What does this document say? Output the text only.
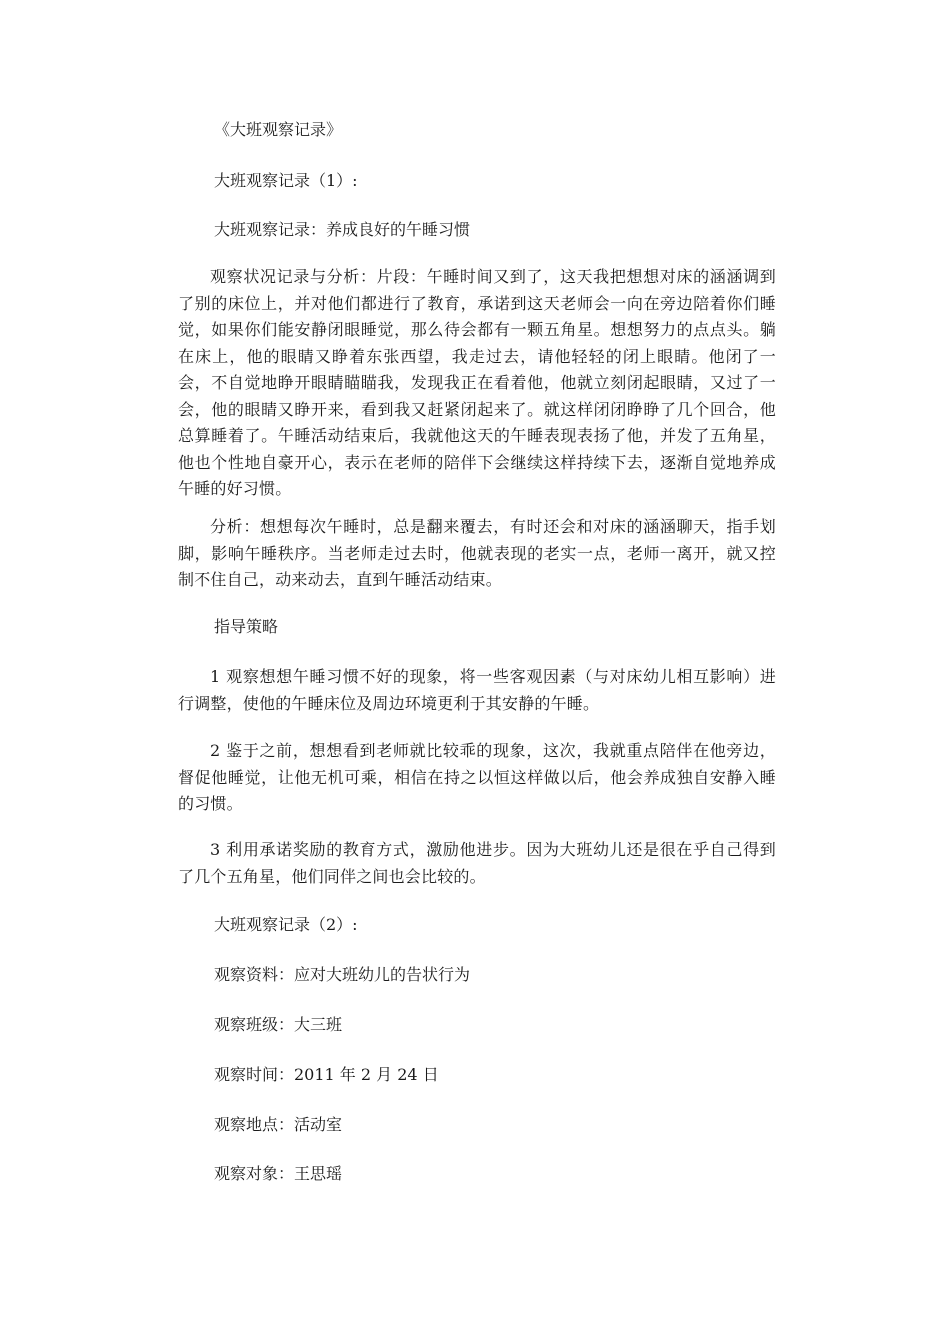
《大班观察记录》
大班观察记录（1）:
大班观察记录：养成良好的午睡习惯
观察状况记录与分析：片段：午睡时间又到了，这天我把想想对床的涵涵调到了别的床位上，并对他们都进行了教育，承诺到这天老师会一向在旁边陪着你们睡觉，如果你们能安静闭眼睡觉，那么待会都有一颗五角星。想想努力的点点头。躺在床上，他的眼睛又睁着东张西望，我走过去，请他轻轻的闭上眼睛。他闭了一会，不自觉地睁开眼睛瞄瞄我，发现我正在看着他，他就立刻闭起眼睛，又过了一会，他的眼睛又睁开来，看到我又赶紧闭起来了。就这样闭闭睁睁了几个回合，他总算睡着了。午睡活动结束后，我就他这天的午睡表现表扬了他，并发了五角星，他也个性地自豪开心，表示在老师的陪伴下会继续这样持续下去，逐渐自觉地养成午睡的好习惯。
分析：想想每次午睡时，总是翻来覆去，有时还会和对床的涵涵聊天，指手划脚，影响午睡秩序。当老师走过去时，他就表现的老实一点，老师一离开，就又控制不住自己，动来动去，直到午睡活动结束。
指导策略
1 观察想想午睡习惯不好的现象，将一些客观因素（与对床幼儿相互影响）进行调整，使他的午睡床位及周边环境更利于其安静的午睡。
2 鉴于之前，想想看到老师就比较乖的现象，这次，我就重点陪伴在他旁边，督促他睡觉，让他无机可乘，相信在持之以恒这样做以后，他会养成独自安静入睡的习惯。
3 利用承诺奖励的教育方式，激励他进步。因为大班幼儿还是很在乎自己得到了几个五角星，他们同伴之间也会比较的。
大班观察记录（2）:
观察资料：应对大班幼儿的告状行为
观察班级：大三班
观察时间：2011 年 2 月 24 日
观察地点：活动室
观察对象：王思瑶
